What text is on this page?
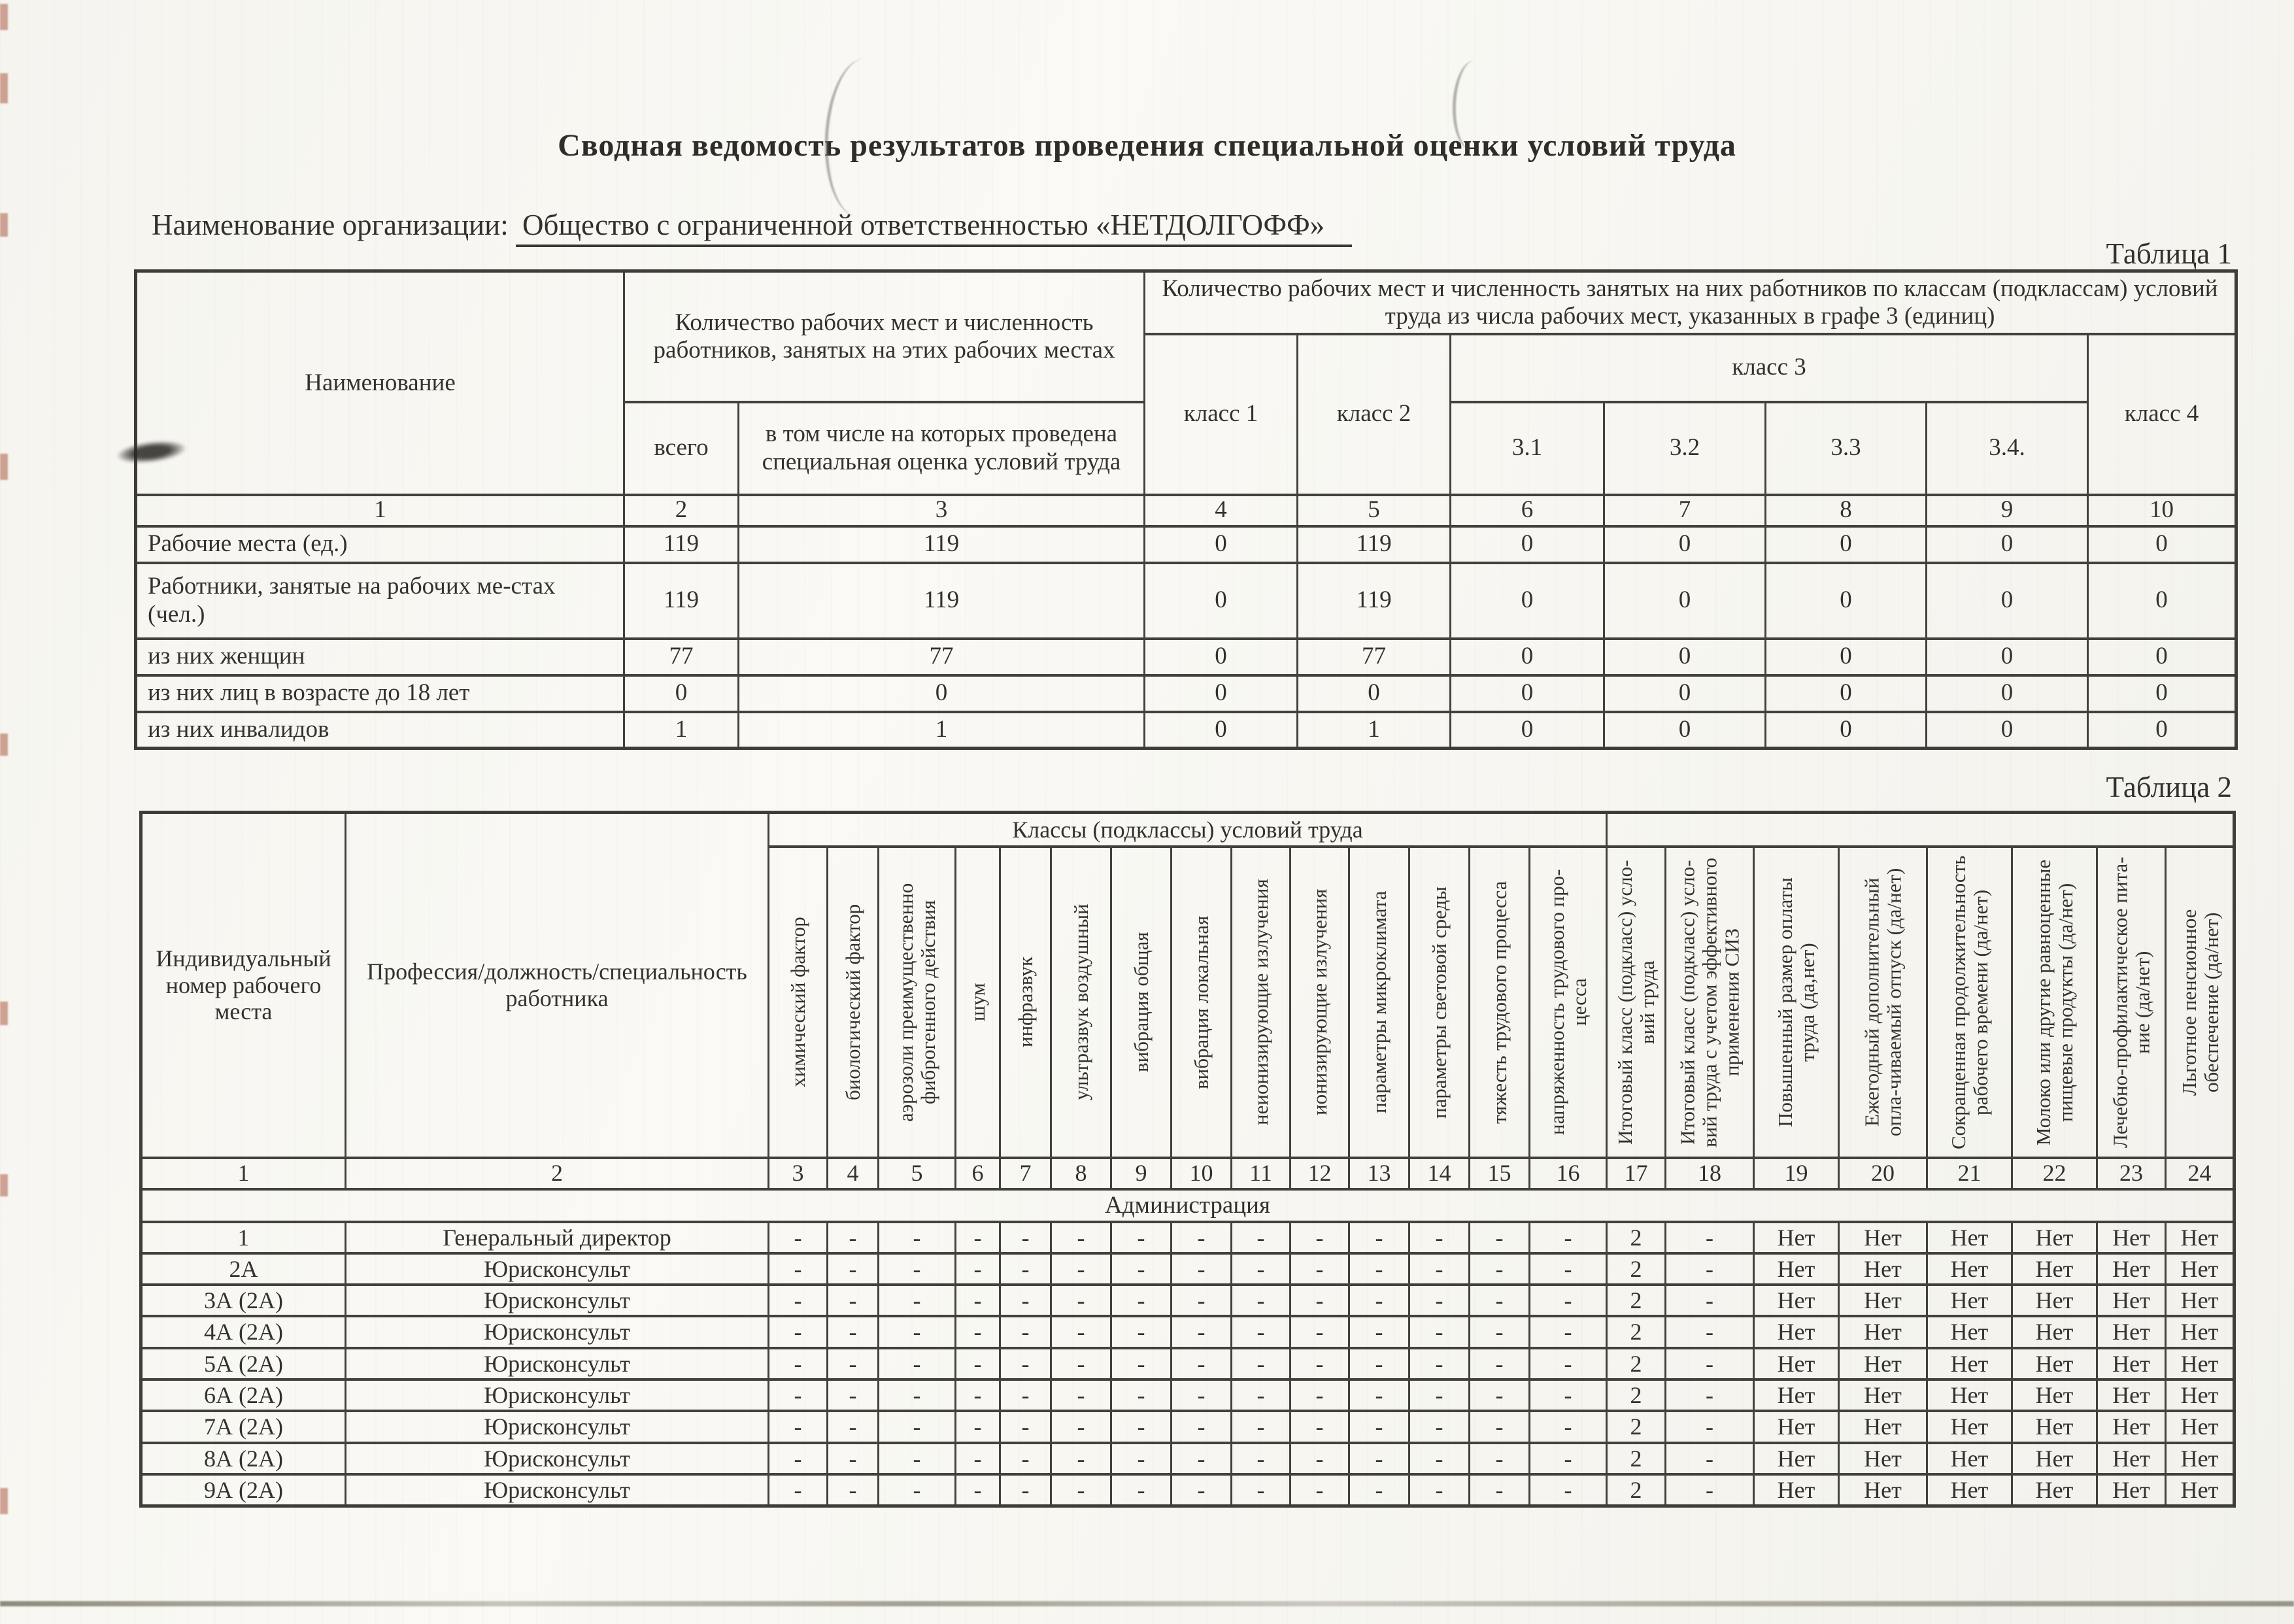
Сводная ведомость результатов проведения специальной оценки условий труда
Наименование организации: Общество с ограниченной ответственностью «НЕТДОЛГОФФ»
Таблица 1
Наименование	Количество рабочих мест и численность работников, занятых на этих рабочих местах		Количество рабочих мест и численность занятых на них работников по классам (подклассам) условий труда из числа рабочих мест, указанных в графе 3 (единиц)						
			класс 1	класс 2	класс 3				класс 4
	всего	в том числе на которых проведена специальная оценка условий труда			3.1	3.2	3.3	3.4.	
1	2	3	4	5	6	7	8	9	10
Рабочие места (ед.)	119	119	0	119	0	0	0	0	0
Работники, занятые на рабочих ме-стах (чел.)	119	119	0	119	0	0	0	0	0
из них женщин	77	77	0	77	0	0	0	0	0
из них лиц в возрасте до 18 лет	0	0	0	0	0	0	0	0	0
из них инвалидов	1	1	0	1	0	0	0	0	0
Таблица 2
Индивидуальный номер рабочего места	Профессия/должность/специальность работника	Классы (подклассы) условий труда																					
		химический фактор	биологический фактор	аэрозоли преимущественно фиброгенного действия	шум	инфразвук	ультразвук воздушный	вибрация общая	вибрация локальная	неионизирующие излучения	ионизирующие излучения	параметры микроклимата	параметры световой среды	тяжесть трудового процесса	напряженность трудового про-цесса	Итоговый класс (подкласс) усло-вий труда	Итоговый класс (подкласс) усло-вий труда с учетом эффективного применения СИЗ	Повышенный размер оплаты труда (да,нет)	Ежегодный дополнительный опла-чиваемый отпуск (да/нет)	Сокращенная продолжительность рабочего времени (да/нет)	Молоко или другие равноценные пищевые продукты (да/нет)	Лечебно-профилактическое пита-ние (да/нет)	Льготное пенсионное обеспечение (да/нет)
1	2	3	4	5	6	7	8	9	10	11	12	13	14	15	16	17	18	19	20	21	22	23	24
Администрация																							
1	Генеральный директор	-	-	-	-	-	-	-	-	-	-	-	-	-	-	2	-	Нет	Нет	Нет	Нет	Нет	Нет
2А	Юрисконсульт	-	-	-	-	-	-	-	-	-	-	-	-	-	-	2	-	Нет	Нет	Нет	Нет	Нет	Нет
3А (2А)	Юрисконсульт	-	-	-	-	-	-	-	-	-	-	-	-	-	-	2	-	Нет	Нет	Нет	Нет	Нет	Нет
4А (2А)	Юрисконсульт	-	-	-	-	-	-	-	-	-	-	-	-	-	-	2	-	Нет	Нет	Нет	Нет	Нет	Нет
5А (2А)	Юрисконсульт	-	-	-	-	-	-	-	-	-	-	-	-	-	-	2	-	Нет	Нет	Нет	Нет	Нет	Нет
6А (2А)	Юрисконсульт	-	-	-	-	-	-	-	-	-	-	-	-	-	-	2	-	Нет	Нет	Нет	Нет	Нет	Нет
7А (2А)	Юрисконсульт	-	-	-	-	-	-	-	-	-	-	-	-	-	-	2	-	Нет	Нет	Нет	Нет	Нет	Нет
8А (2А)	Юрисконсульт	-	-	-	-	-	-	-	-	-	-	-	-	-	-	2	-	Нет	Нет	Нет	Нет	Нет	Нет
9А (2А)	Юрисконсульт	-	-	-	-	-	-	-	-	-	-	-	-	-	-	2	-	Нет	Нет	Нет	Нет	Нет	Нет
